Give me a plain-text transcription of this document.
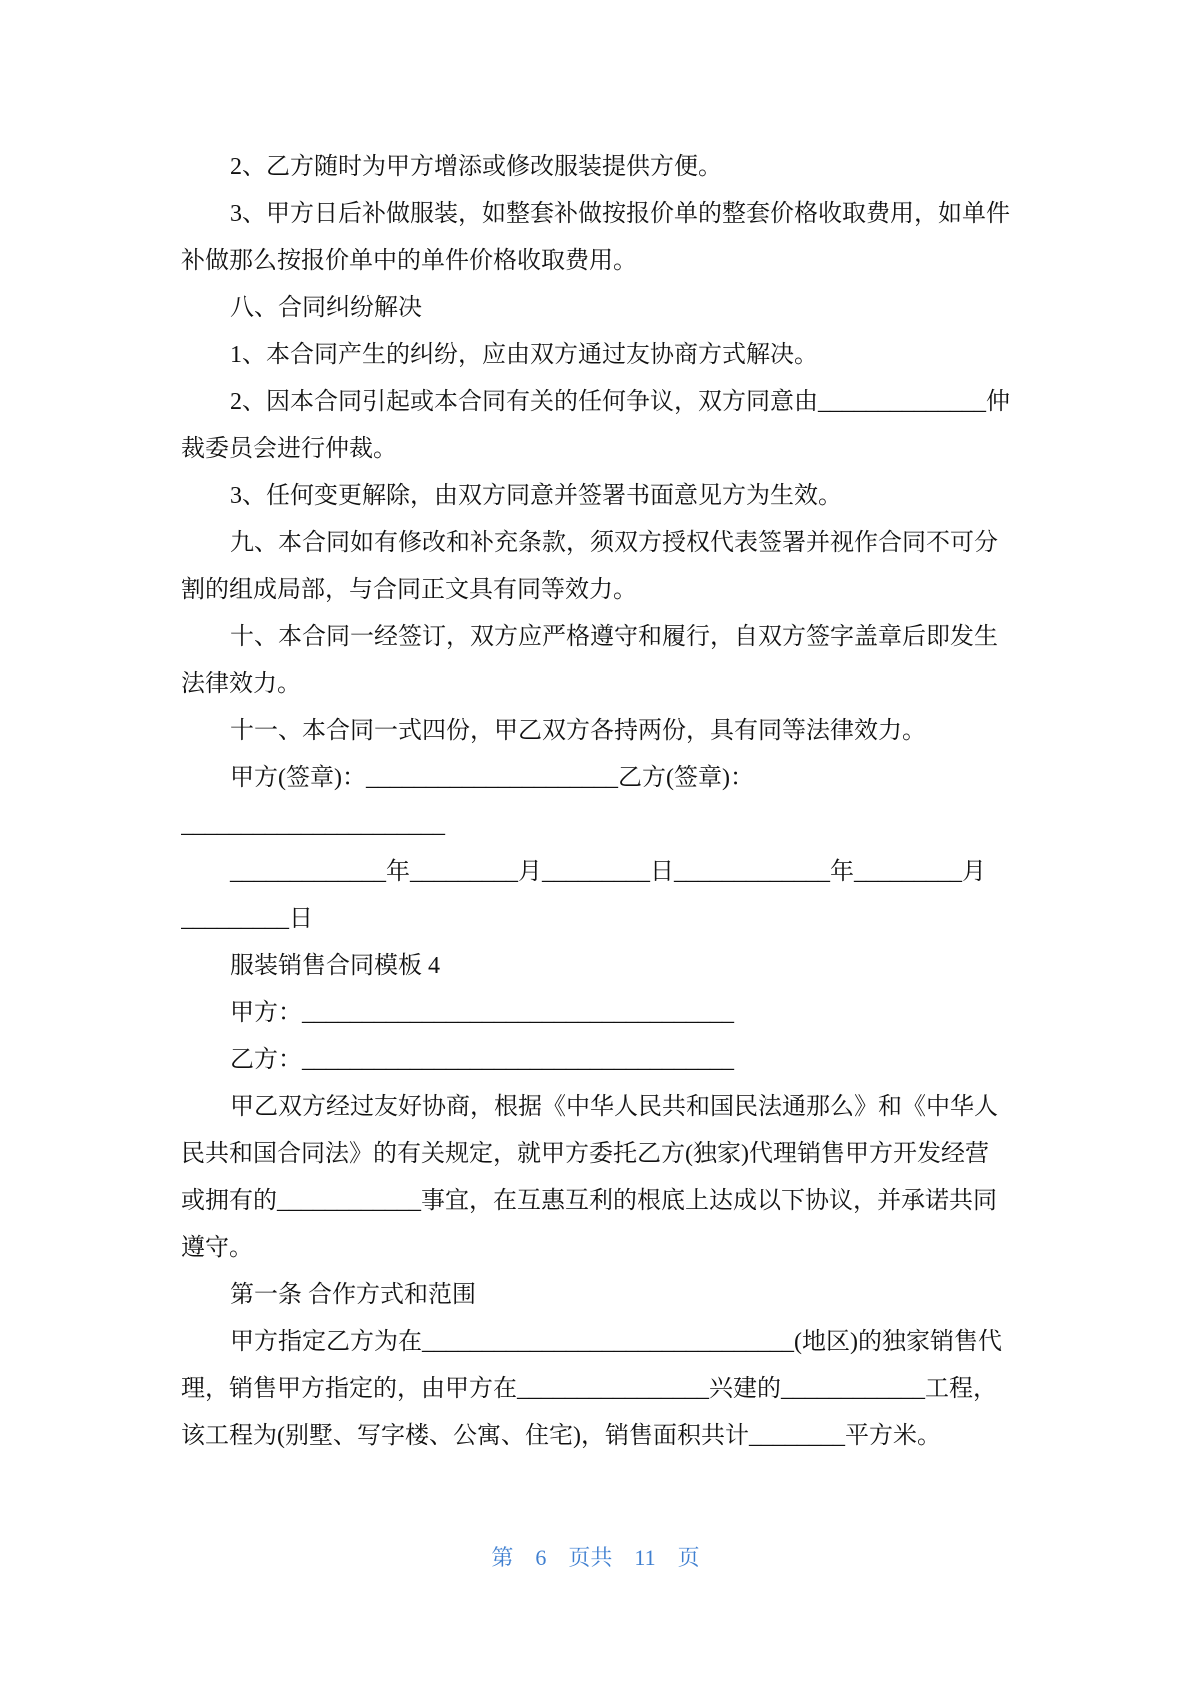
2、乙方随时为甲方增添或修改服装提供方便。
3、甲方日后补做服装，如整套补做按报价单的整套价格收取费用，如单件
补做那么按报价单中的单件价格收取费用。
八、合同纠纷解决
1、本合同产生的纠纷，应由双方通过友协商方式解决。
2、因本合同引起或本合同有关的任何争议，双方同意由______________仲
裁委员会进行仲裁。
3、任何变更解除，由双方同意并签署书面意见方为生效。
九、本合同如有修改和补充条款，须双方授权代表签署并视作合同不可分
割的组成局部，与合同正文具有同等效力。
十、本合同一经签订，双方应严格遵守和履行，自双方签字盖章后即发生
法律效力。
十一、本合同一式四份，甲乙双方各持两份，具有同等法律效力。
甲方(签章)：_____________________乙方(签章)：
______________________
_____________年_________月_________日_____________年_________月
_________日
服装销售合同模板 4
甲方：____________________________________
乙方：____________________________________
甲乙双方经过友好协商，根据《中华人民共和国民法通那么》和《中华人
民共和国合同法》的有关规定，就甲方委托乙方(独家)代理销售甲方开发经营
或拥有的____________事宜，在互惠互利的根底上达成以下协议，并承诺共同
遵守。
第一条 合作方式和范围
甲方指定乙方为在_______________________________(地区)的独家销售代
理，销售甲方指定的，由甲方在________________兴建的____________工程，
该工程为(别墅、写字楼、公寓、住宅)，销售面积共计________平方米。
第 6 页共 11 页
